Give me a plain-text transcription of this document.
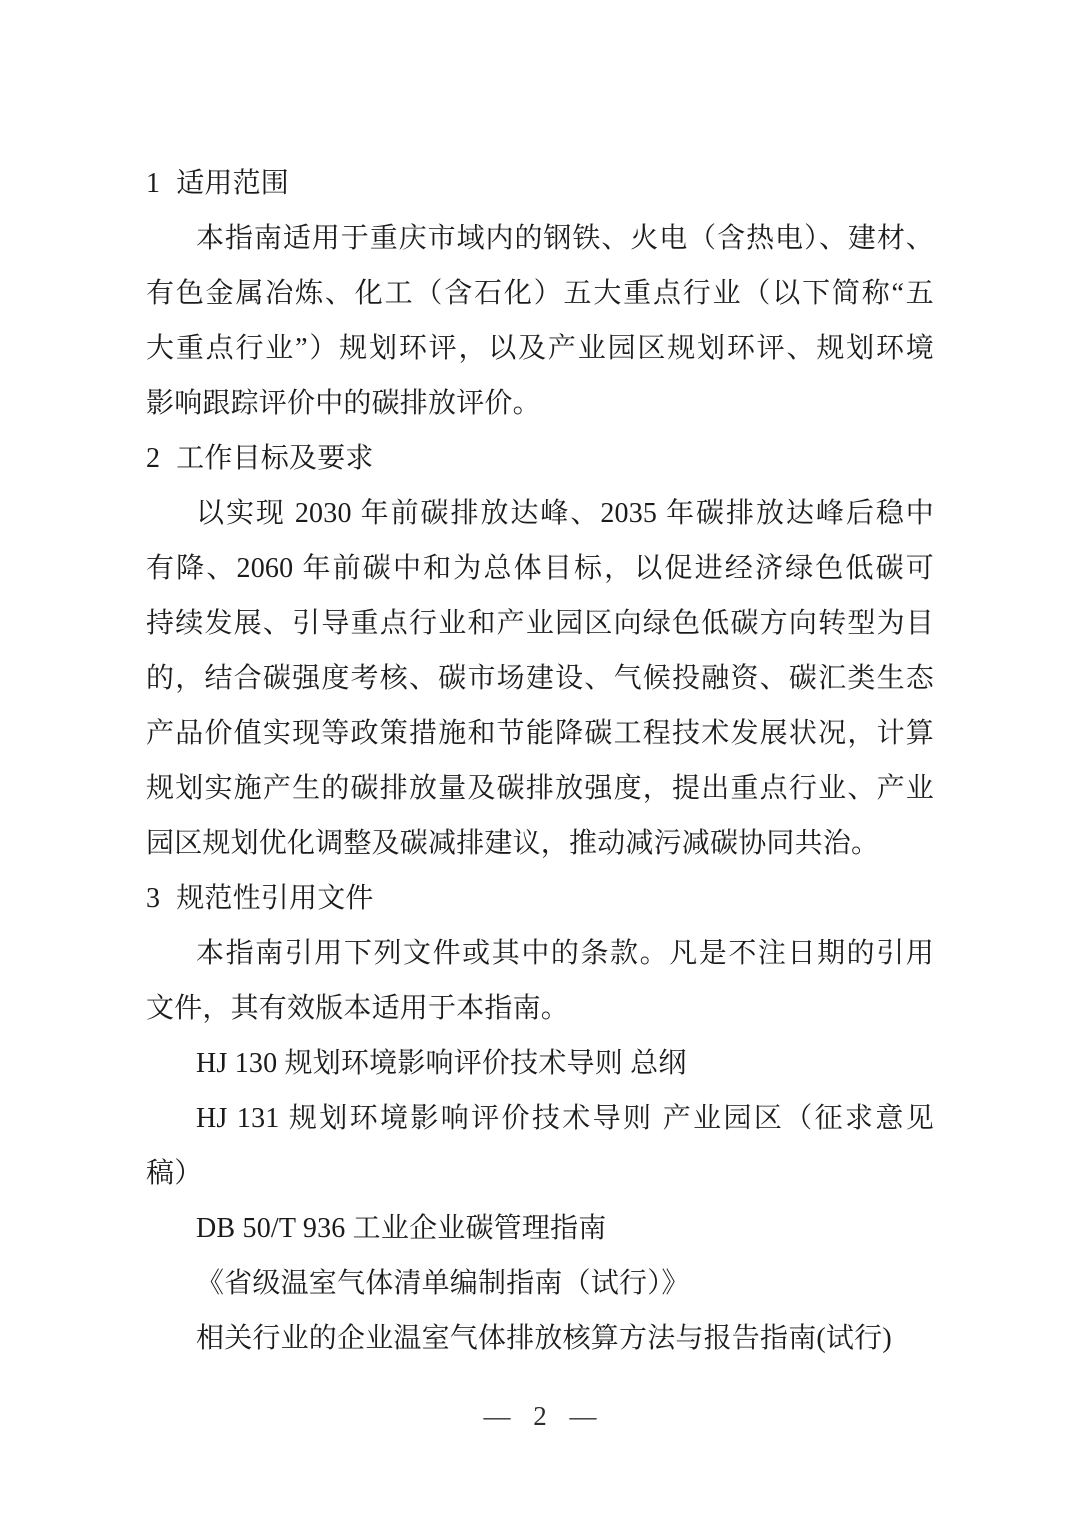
1 适用范围
本指南适用于重庆市域内的钢铁、火电（含热电）、建材、
有色金属冶炼、化工（含石化）五大重点行业（以下简称“五
大重点行业”）规划环评，以及产业园区规划环评、规划环境
影响跟踪评价中的碳排放评价。
2 工作目标及要求
以实现 2030 年前碳排放达峰、2035 年碳排放达峰后稳中
有降、2060 年前碳中和为总体目标，以促进经济绿色低碳可
持续发展、引导重点行业和产业园区向绿色低碳方向转型为目
的，结合碳强度考核、碳市场建设、气候投融资、碳汇类生态
产品价值实现等政策措施和节能降碳工程技术发展状况，计算
规划实施产生的碳排放量及碳排放强度，提出重点行业、产业
园区规划优化调整及碳减排建议，推动减污减碳协同共治。
3 规范性引用文件
本指南引用下列文件或其中的条款。凡是不注日期的引用
文件，其有效版本适用于本指南。
HJ 130 规划环境影响评价技术导则 总纲
HJ 131 规划环境影响评价技术导则 产业园区（征求意见
稿）
DB 50/T 936 工业企业碳管理指南
《省级温室气体清单编制指南（试行）》
相关行业的企业温室气体排放核算方法与报告指南(试行)
— 2 —
